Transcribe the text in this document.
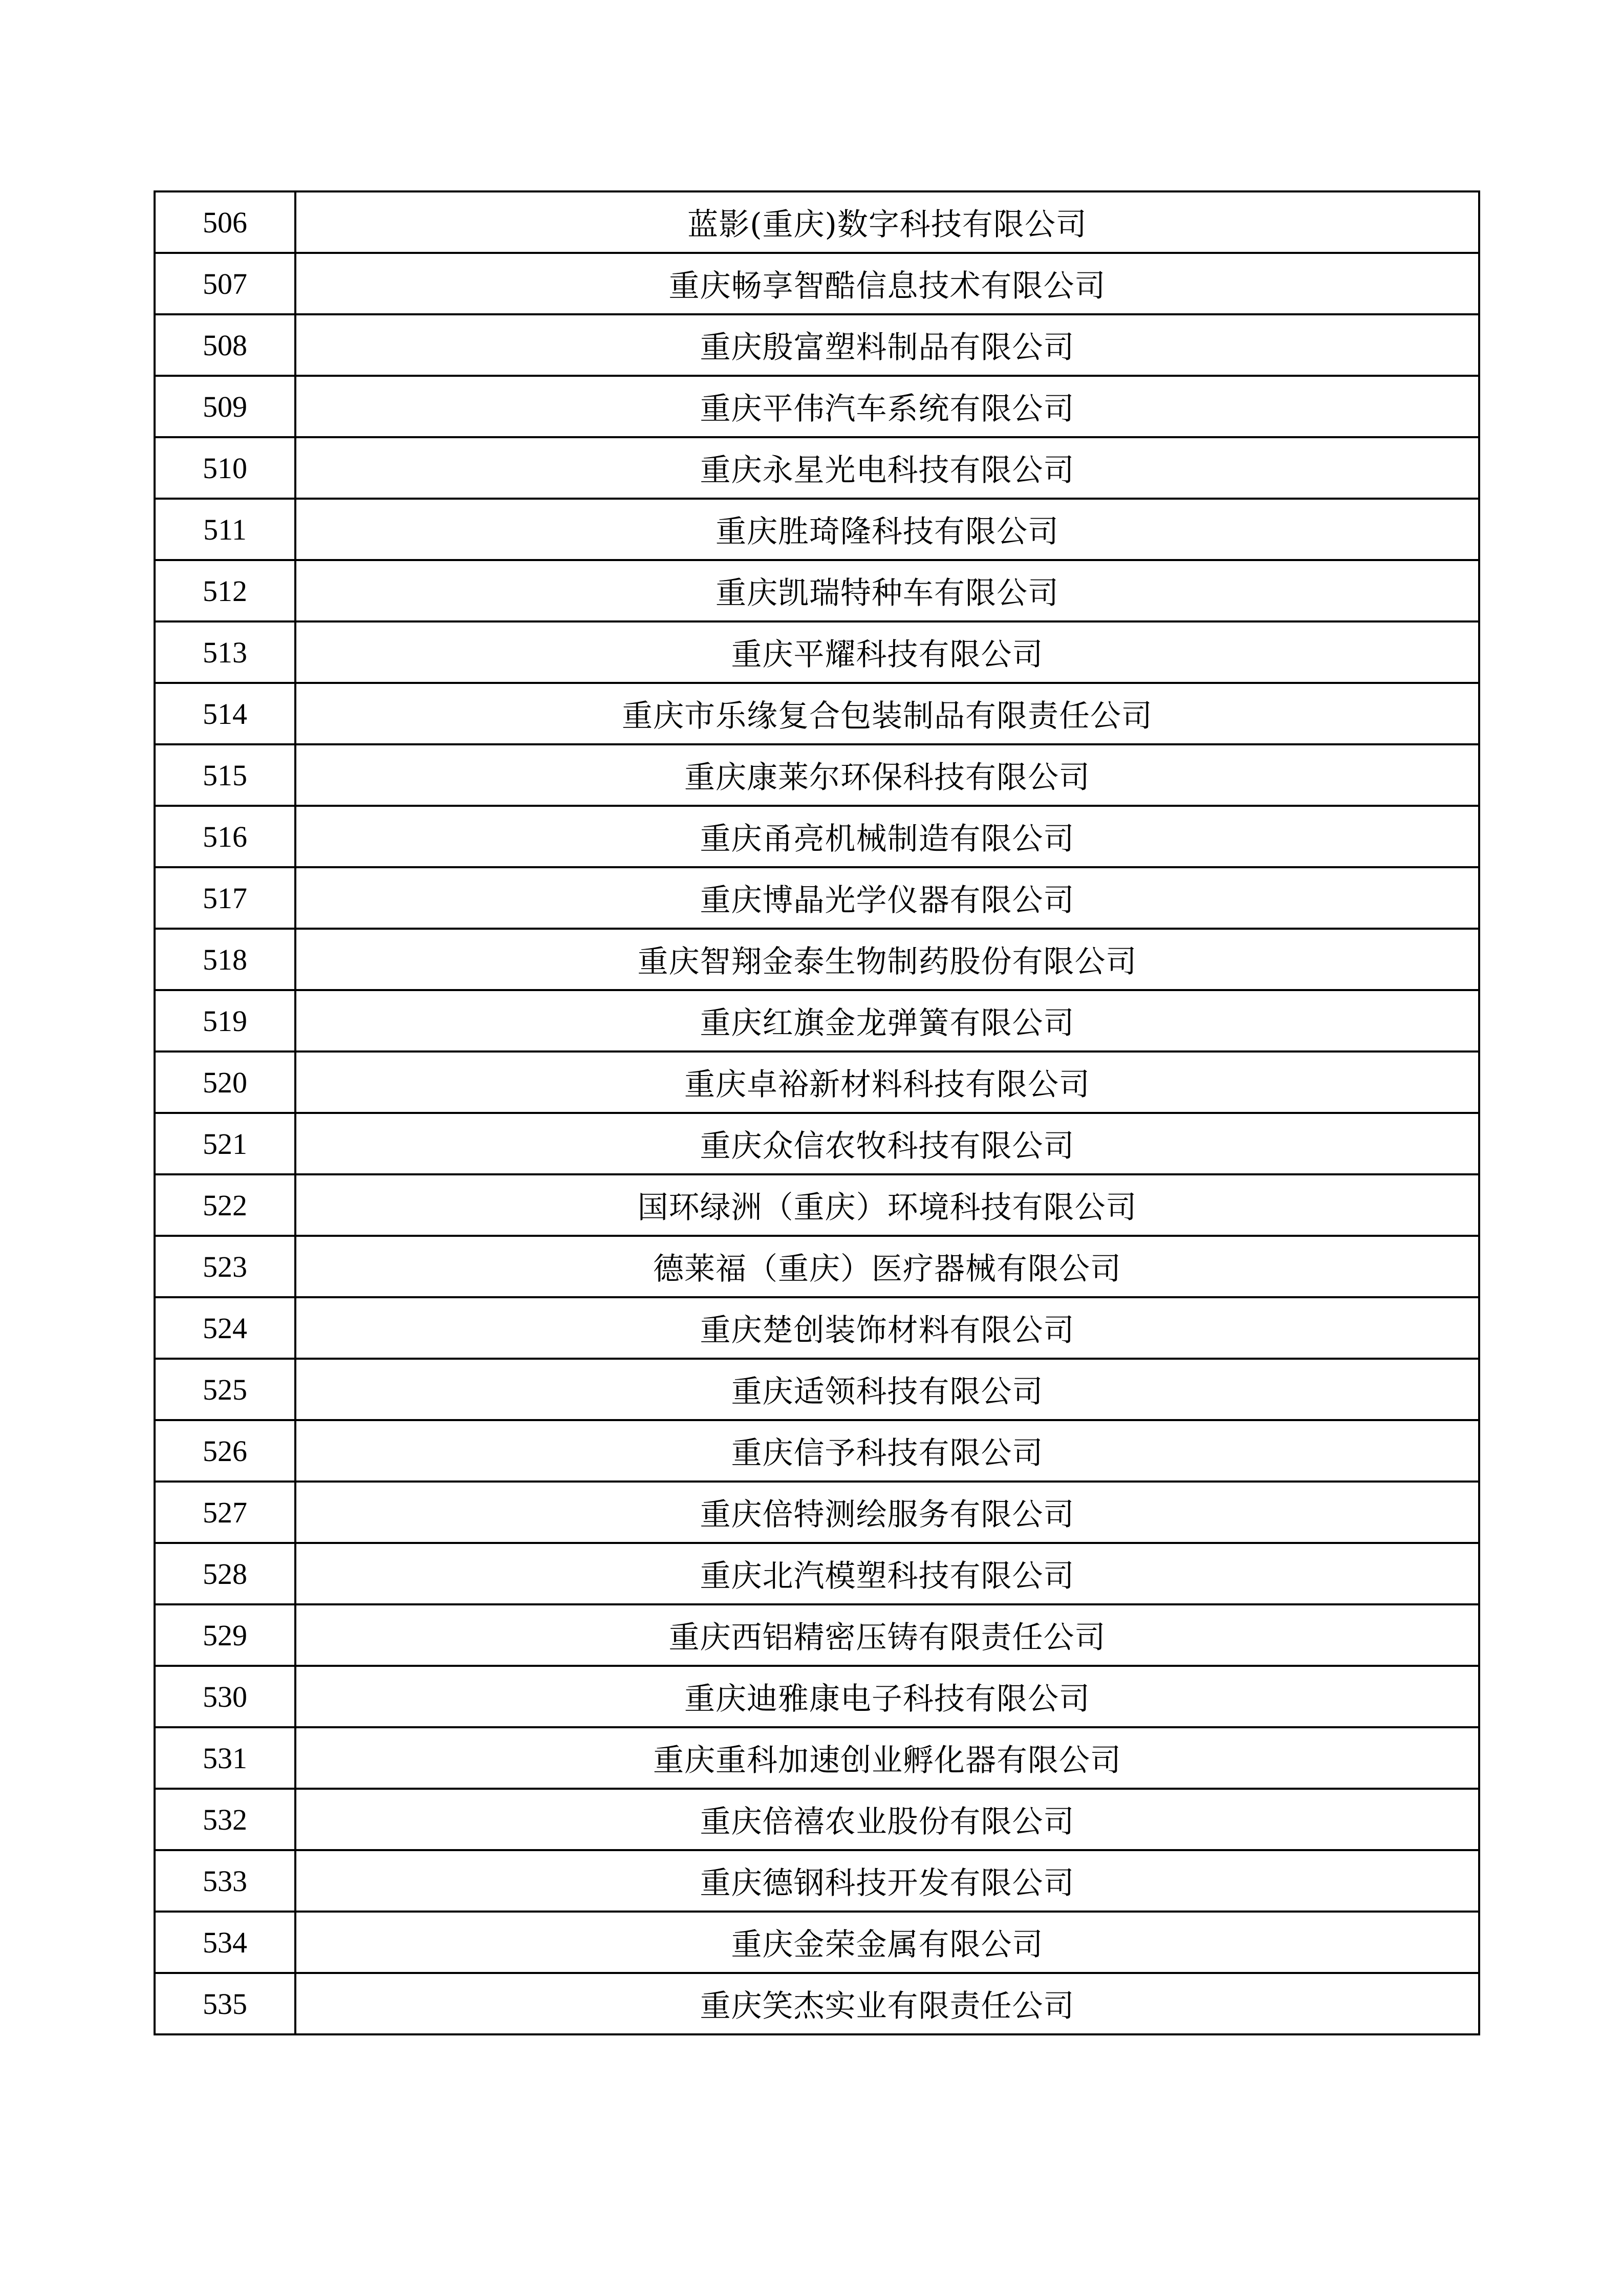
506	蓝影(重庆)数字科技有限公司
507	重庆畅享智酷信息技术有限公司
508	重庆殷富塑料制品有限公司
509	重庆平伟汽车系统有限公司
510	重庆永星光电科技有限公司
511	重庆胜琦隆科技有限公司
512	重庆凯瑞特种车有限公司
513	重庆平耀科技有限公司
514	重庆市乐缘复合包装制品有限责任公司
515	重庆康莱尔环保科技有限公司
516	重庆甬亮机械制造有限公司
517	重庆博晶光学仪器有限公司
518	重庆智翔金泰生物制药股份有限公司
519	重庆红旗金龙弹簧有限公司
520	重庆卓裕新材料科技有限公司
521	重庆众信农牧科技有限公司
522	国环绿洲（重庆）环境科技有限公司
523	德莱福（重庆）医疗器械有限公司
524	重庆楚创装饰材料有限公司
525	重庆适领科技有限公司
526	重庆信予科技有限公司
527	重庆倍特测绘服务有限公司
528	重庆北汽模塑科技有限公司
529	重庆西铝精密压铸有限责任公司
530	重庆迪雅康电子科技有限公司
531	重庆重科加速创业孵化器有限公司
532	重庆倍禧农业股份有限公司
533	重庆德钢科技开发有限公司
534	重庆金荣金属有限公司
535	重庆笑杰实业有限责任公司
